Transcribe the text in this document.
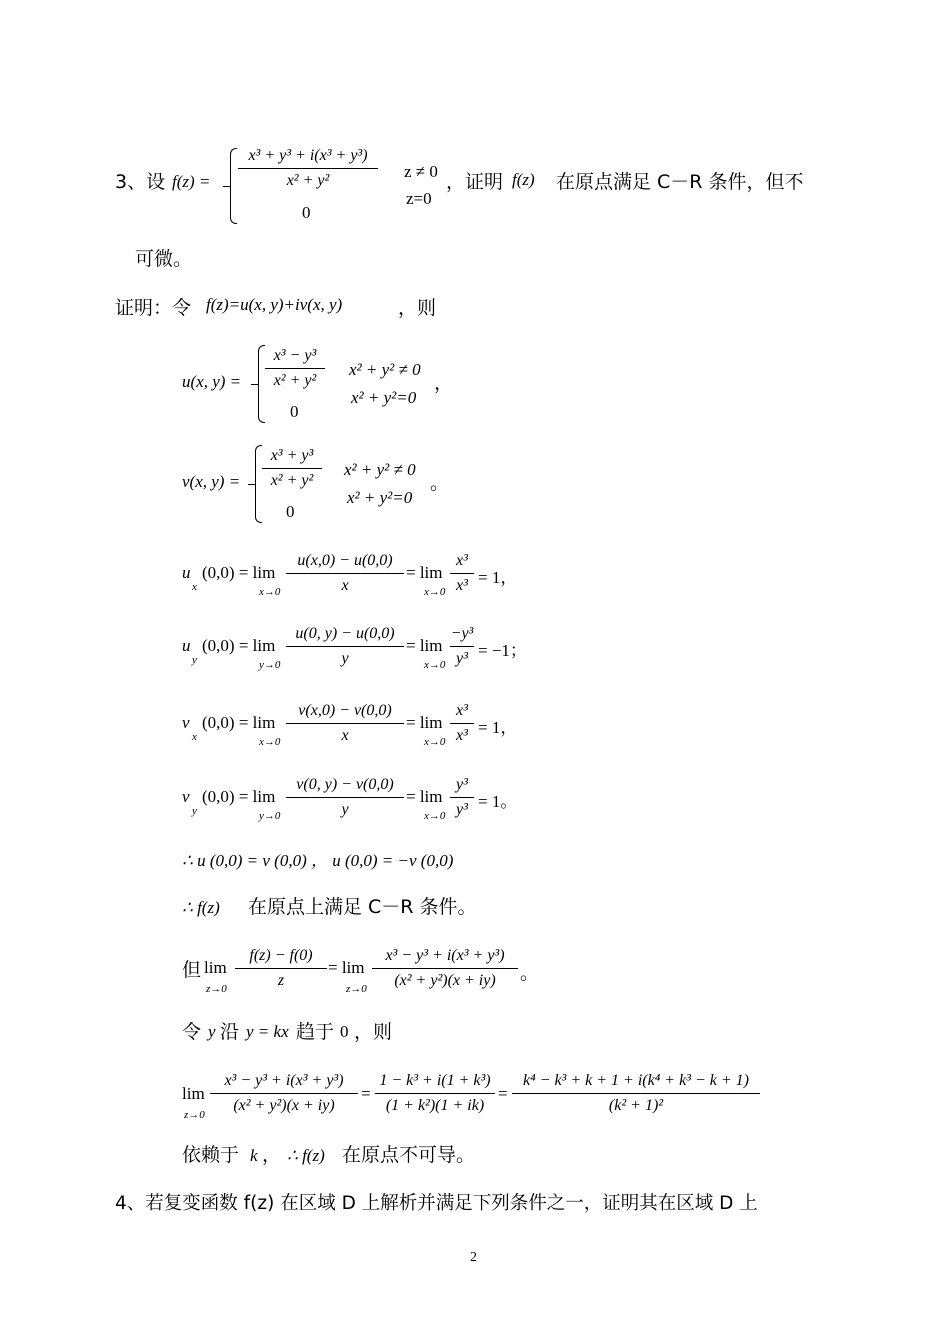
3、设 f(z) =
x³ + y³ + i(x³ + y³)
x² + y²
0
z ≠ 0
z=0
，证明 f(z) 在原点满足 C－R 条件，但不
可微。
证明：令 f(z)=u(x, y)+iv(x, y)	，则
u(x, y) =
x³ − y³
x² + y²
0
x² + y² ≠ 0
x² + y²=0
，
v(x, y) =
x³ + y³
x² + y²
0
x² + y² ≠ 0
x² + y²=0
。
u
x
(0,0) = lim
x→0
u(x,0) − u(0,0)
x
= lim
x→0
x³
x³ = 1，
u
y
(0,0) = lim
y→0
u(0, y) − u(0,0)
y
= lim
x→0
−y³
y³ = −1；
v
x
(0,0) = lim
x→0
v(x,0) − v(0,0)
x
= lim
x→0
x³
x³ = 1，
v
y
(0,0) = lim
y→0
v(0, y) − v(0,0)
y
= lim
x→0
y³
y³ = 1。
∴ u (0,0) = v (0,0) ， u (0,0) = −v (0,0)
∴ f(z) 在原点上满足 C－R 条件。
但 lim
z→0
f(z) − f(0)
z
= lim
z→0
x³ − y³ + i(x³ + y³)
(x² + y²)(x + iy)	。
令 y 沿 y = kx 趋于 0 ，则
lim
z→0
x³ − y³ + i(x³ + y³)
(x² + y²)(x + iy)
=
1 − k³ + i(1 + k³)
(1 + k²)(1 + ik)
=
k⁴ − k³ + k + 1 + i(k⁴ + k³ − k + 1)
(k² + 1)²
依赖于 k ， ∴ f(z) 在原点不可导。
4、若复变函数 f(z) 在区域 D 上解析并满足下列条件之一，证明其在区域 D 上
2
